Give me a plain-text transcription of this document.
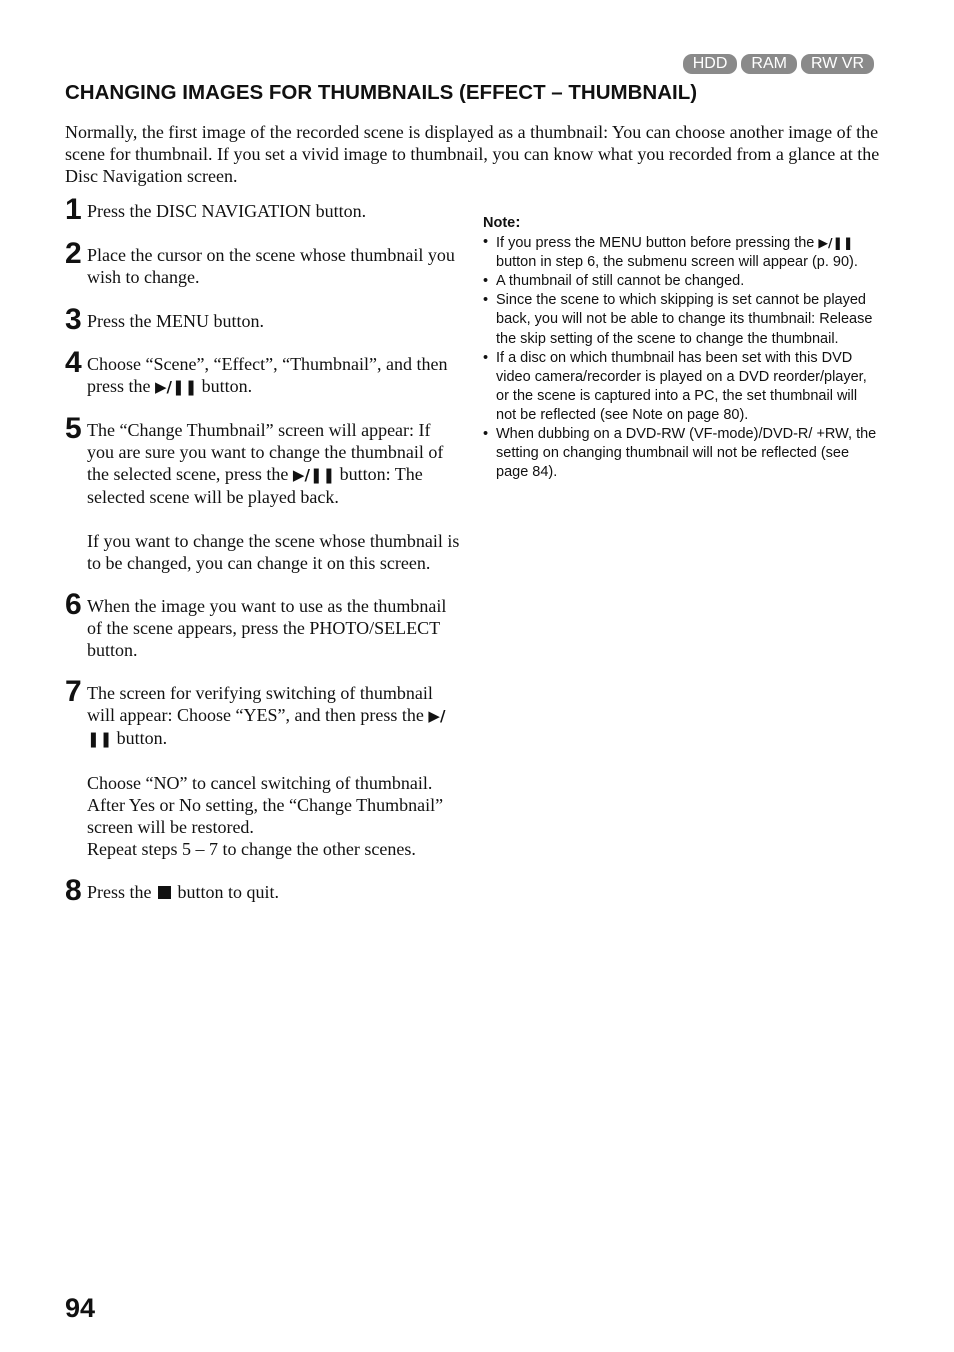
HDD	RAM	RW VR
CHANGING IMAGES FOR THUMBNAILS (EFFECT – THUMBNAIL)

Normally, the first image of the recorded scene is displayed as a thumbnail: You can choose another image of the scene for thumbnail. If you set a vivid image to thumbnail, you can know what you recorded from a glance at the Disc Navigation screen.

1 Press the DISC NAVIGATION button.

2 Place the cursor on the scene whose thumbnail you wish to change.

3 Press the MENU button.

4 Choose “Scene”, “Effect”, “Thumbnail”, and then press the ▶/❚❚ button.

5 The “Change Thumbnail” screen will appear: If you are sure you want to change the thumbnail of the selected scene, press the ▶/❚❚ button: The selected scene will be played back.

If you want to change the scene whose thumbnail is to be changed, you can change it on this screen.

6 When the image you want to use as the thumbnail of the scene appears, press the PHOTO/SELECT button.

7 The screen for verifying switching of thumbnail will appear: Choose “YES”, and then press the ▶/❚❚ button.

Choose “NO” to cancel switching of thumbnail.
After Yes or No setting, the “Change Thumbnail” screen will be restored.
Repeat steps 5 – 7 to change the other scenes.

8 Press the button to quit.

Note:
• If you press the MENU button before pressing the ▶/❚❚ button in step 6, the submenu screen will appear (p. 90).
• A thumbnail of still cannot be changed.
• Since the scene to which skipping is set cannot be played back, you will not be able to change its thumbnail: Release the skip setting of the scene to change the thumbnail.
• If a disc on which thumbnail has been set with this DVD video camera/recorder is played on a DVD reorder/player, or the scene is captured into a PC, the set thumbnail will not be reflected (see Note on page 80).
• When dubbing on a DVD-RW (VF-mode)/DVD-R/ +RW, the setting on changing thumbnail will not be reflected (see page 84).
94
